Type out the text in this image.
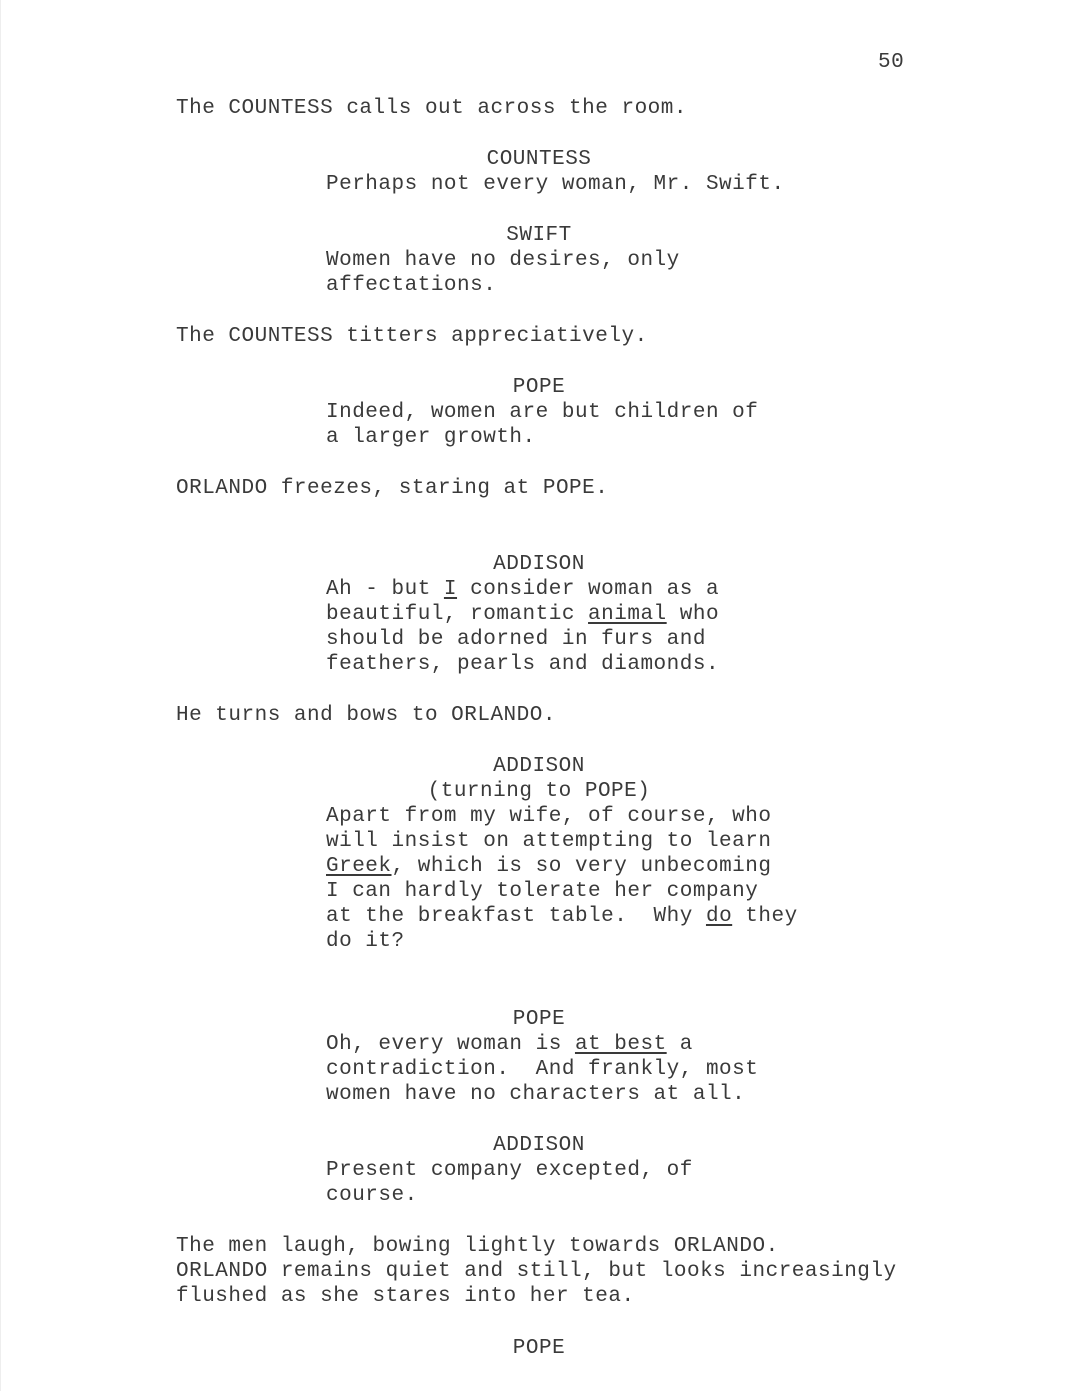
50
The COUNTESS calls out across the room.
COUNTESS
Perhaps not every woman, Mr. Swift.
SWIFT
Women have no desires, only
affectations.
The COUNTESS titters appreciatively.
POPE
Indeed, women are but children of
a larger growth.
ORLANDO freezes, staring at POPE.
ADDISON
Ah - but I consider woman as a
beautiful, romantic animal who
should be adorned in furs and
feathers, pearls and diamonds.
He turns and bows to ORLANDO.
ADDISON
(turning to POPE)
Apart from my wife, of course, who
will insist on attempting to learn
Greek, which is so very unbecoming
I can hardly tolerate her company
at the breakfast table.  Why do they
do it?
POPE
Oh, every woman is at best a
contradiction.  And frankly, most
women have no characters at all.
ADDISON
Present company excepted, of
course.
The men laugh, bowing lightly towards ORLANDO.
ORLANDO remains quiet and still, but looks increasingly
flushed as she stares into her tea.
POPE
